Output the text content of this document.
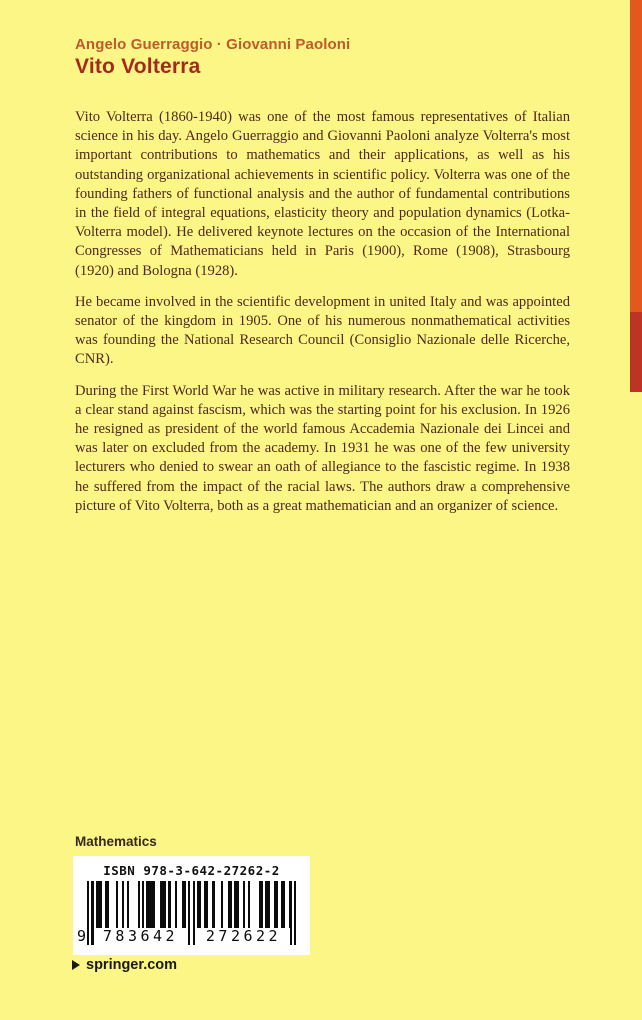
Angelo Guerraggio · Giovanni Paoloni
Vito Volterra

Vito Volterra (1860-1940) was one of the most famous representatives of Italian science in his day. Angelo Guerraggio and Giovanni Paoloni analyze Volterra's most important contributions to mathematics and their applications, as well as his outstanding organizational achievements in scientific policy. Volterra was one of the founding fathers of functional analysis and the author of fundamental contributions in the field of integral equations, elasticity theory and population dynamics (Lotka-Volterra model). He delivered keynote lectures on the occasion of the International Congresses of Mathematicians held in Paris (1900), Rome (1908), Strasbourg (1920) and Bologna (1928).

He became involved in the scientific development in united Italy and was appointed senator of the kingdom in 1905. One of his numerous nonmathematical activities was founding the National Research Council (Consiglio Nazionale delle Ricerche, CNR).

During the First World War he was active in military research. After the war he took a clear stand against fascism, which was the starting point for his exclusion. In 1926 he resigned as president of the world famous Accademia Nazionale dei Lincei and was later on excluded from the academy. In 1931 he was one of the few university lecturers who denied to swear an oath of allegiance to the fascistic regime. In 1938 he suffered from the impact of the racial laws. The authors draw a comprehensive picture of Vito Volterra, both as a great mathematician and an organizer of science.

Mathematics
ISBN 978-3-642-27262-2
9	783642	272622
springer.com
